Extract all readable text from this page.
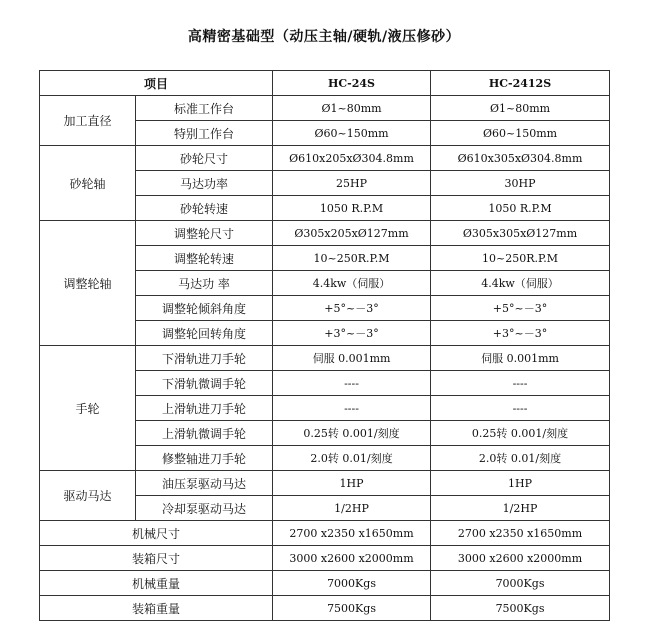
高精密基础型（动压主轴/硬轨/液压修砂）
项目		HC-24S	HC-2412S
加工直径	标准工作台	Ø1~80mm	Ø1~80mm
	特别工作台	Ø60~150mm	Ø60~150mm
砂轮轴	砂轮尺寸	Ø610x205xØ304.8mm	Ø610x305xØ304.8mm
	马达功率	25HP	30HP
	砂轮转速	1050 R.P.M	1050 R.P.M
调整轮轴	调整轮尺寸	Ø305x205xØ127mm	Ø305x305xØ127mm
	调整轮转速	10~250R.P.M	10~250R.P.M
	马达功 率	4.4kw（伺服）	4.4kw（伺服）
	调整轮倾斜角度	+5°~－3°	+5°~－3°
	调整轮回转角度	+3°~－3°	+3°~－3°
手轮	下滑轨进刀手轮	伺服 0.001mm	伺服 0.001mm
	下滑轨微调手轮	----	----
	上滑轨进刀手轮	----	----
	上滑轨微调手轮	0.25转 0.001/刻度	0.25转 0.001/刻度
	修整轴进刀手轮	2.0转 0.01/刻度	2.0转 0.01/刻度
驱动马达	油压泵驱动马达	1HP	1HP
	冷却泵驱动马达	1/2HP	1/2HP
机械尺寸		2700 x2350 x1650mm	2700 x2350 x1650mm
装箱尺寸		3000 x2600 x2000mm	3000 x2600 x2000mm
机械重量		7000Kgs	7000Kgs
装箱重量		7500Kgs	7500Kgs
